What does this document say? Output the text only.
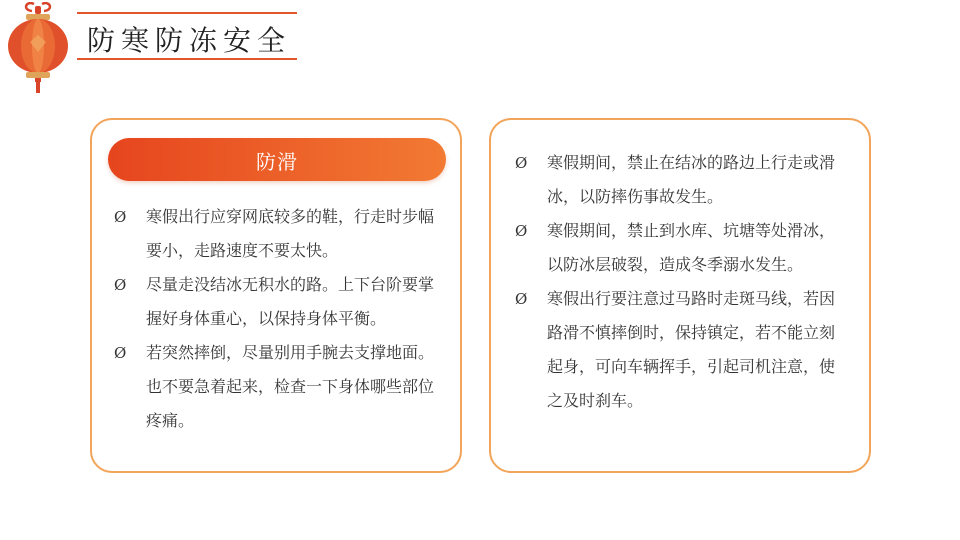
防寒防冻安全
防滑
Ø 寒假出行应穿网底较多的鞋，行走时步幅要小，走路速度不要太快。
Ø 尽量走没结冰无积水的路。上下台阶要掌握好身体重心，以保持身体平衡。
Ø 若突然摔倒，尽量别用手腕去支撑地面。也不要急着起来，检查一下身体哪些部位疼痛。
Ø 寒假期间，禁止在结冰的路边上行走或滑冰，以防摔伤事故发生。
Ø 寒假期间，禁止到水库、坑塘等处滑冰，以防冰层破裂，造成冬季溺水发生。
Ø 寒假出行要注意过马路时走斑马线，若因路滑不慎摔倒时，保持镇定，若不能立刻起身，可向车辆挥手，引起司机注意，使之及时刹车。
